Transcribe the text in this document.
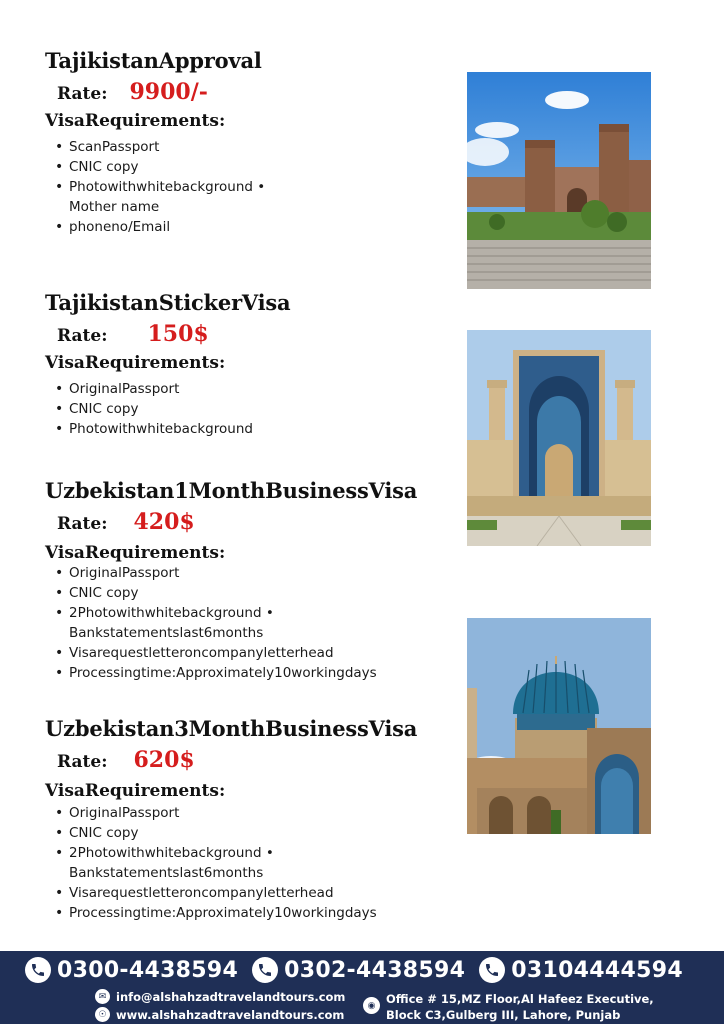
TajikistanApproval
Rate: 9900/-
VisaRequirements:
• ScanPassport
• CNIC copy
• Photowithwhitebackground •
Mother name
• phoneno/Email
TajikistanStickerVisa
Rate: 150$
VisaRequirements:
• OriginalPassport
• CNIC copy
• Photowithwhitebackground
Uzbekistan1MonthBusinessVisa
Rate: 420$
VisaRequirements:
• OriginalPassport
• CNIC copy
• 2Photowithwhitebackground •
Bankstatementslast6months
• Visarequestletteroncompanyletterhead
• Processingtime:Approximately10workingdays
Uzbekistan3MonthBusinessVisa
Rate: 620$
VisaRequirements:
• OriginalPassport
• CNIC copy
• 2Photowithwhitebackground •
Bankstatementslast6months
• Visarequestletteroncompanyletterhead
• Processingtime:Approximately10workingdays
0300-4438594 0302-4438594 03104444594
✉ info@alshahzadtravelandtours.com
☉ www.alshahzadtravelandtours.com
◉ Office # 15,MZ Floor,Al Hafeez Executive,
Block C3,Gulberg III, Lahore, Punjab
